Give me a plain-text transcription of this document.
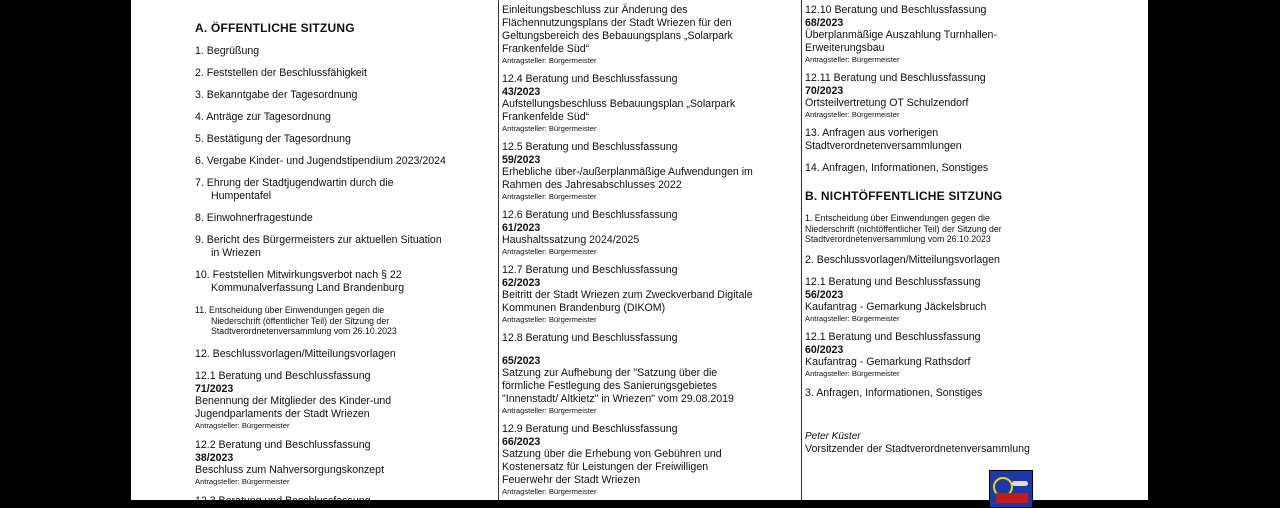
A. ÖFFENTLICHE SITZUNG

1. Begrüßung

2. Feststellen der Beschlussfähigkeit

3. Bekanntgabe der Tagesordnung

4. Anträge zur Tagesordnung

5. Bestätigung der Tagesordnung

6. Vergabe Kinder- und Jugendstipendium 2023/2024

7. Ehrung der Stadtjugendwartin durch die

Humpentafel

8. Einwohnerfragestunde

9. Bericht des Bürgermeisters zur aktuellen Situation

in Wriezen

10. Feststellen Mitwirkungsverbot nach § 22

Kommunalverfassung Land Brandenburg

11. Entscheidung über Einwendungen gegen die

Niederschrift (öffentlicher Teil) der Sitzung der

Stadtverordnetenversammlung vom 26.10.2023

12. Beschlussvorlagen/Mitteilungsvorlagen

12.1 Beratung und Beschlussfassung

71/2023

Benennung der Mitglieder des Kinder-und

Jugendparlaments der Stadt Wriezen

Antragsteller: Bürgermeister

12.2 Beratung und Beschlussfassung

38/2023

Beschluss zum Nahversorgungskonzept

Antragsteller: Bürgermeister

12.3 Beratung und Beschlussfassung

Einleitungsbeschluss zur Änderung des

Flächennutzungsplans der Stadt Wriezen für den

Geltungsbereich des Bebauungsplans „Solarpark

Frankenfelde Süd“

Antragsteller: Bürgermeister

12.4 Beratung und Beschlussfassung

43/2023

Aufstellungsbeschluss Bebauungsplan „Solarpark

Frankenfelde Süd“

Antragsteller: Bürgermeister

12.5 Beratung und Beschlussfassung

59/2023

Erhebliche über-/außerplanmäßige Aufwendungen im

Rahmen des Jahresabschlusses 2022

Antragsteller: Bürgermeister

12.6 Beratung und Beschlussfassung

61/2023

Haushaltssatzung 2024/2025

Antragsteller: Bürgermeister

12.7 Beratung und Beschlussfassung

62/2023

Beitritt der Stadt Wriezen zum Zweckverband Digitale

Kommunen Brandenburg (DIKOM)

Antragsteller: Bürgermeister

12.8 Beratung und Beschlussfassung

65/2023

Satzung zur Aufhebung der "Satzung über die

förmliche Festlegung des Sanierungsgebietes

"Innenstadt/ Altkietz" in Wriezen" vom 29.08.2019

Antragsteller: Bürgermeister

12.9 Beratung und Beschlussfassung

66/2023

Satzung über die Erhebung von Gebühren und

Kostenersatz für Leistungen der Freiwilligen

Feuerwehr der Stadt Wriezen

Antragsteller: Bürgermeister

12.10 Beratung und Beschlussfassung

68/2023

Überplanmäßige Auszahlung Turnhallen-

Erweiterungsbau

Antragsteller: Bürgermeister

12.11 Beratung und Beschlussfassung

70/2023

Ortsteilvertretung OT Schulzendorf

Antragsteller: Bürgermeister

13. Anfragen aus vorherigen

Stadtverordnetenversammlungen

14. Anfragen, Informationen, Sonstiges

B. NICHTÖFFENTLICHE SITZUNG

1. Entscheidung über Einwendungen gegen die

Niederschrift (nichtöffentlicher Teil) der Sitzung der

Stadtverordnetenversammlung vom 26.10.2023

2. Beschlussvorlagen/Mitteilungsvorlagen

12.1 Beratung und Beschlussfassung

56/2023

Kaufantrag - Gemarkung Jäckelsbruch

Antragsteller: Bürgermeister

12.1 Beratung und Beschlussfassung

60/2023

Kaufantrag - Gemarkung Rathsdorf

Antragsteller: Bürgermeister

3. Anfragen, Informationen, Sonstiges

Peter Küster

Vorsitzender der Stadtverordnetenversammlung
